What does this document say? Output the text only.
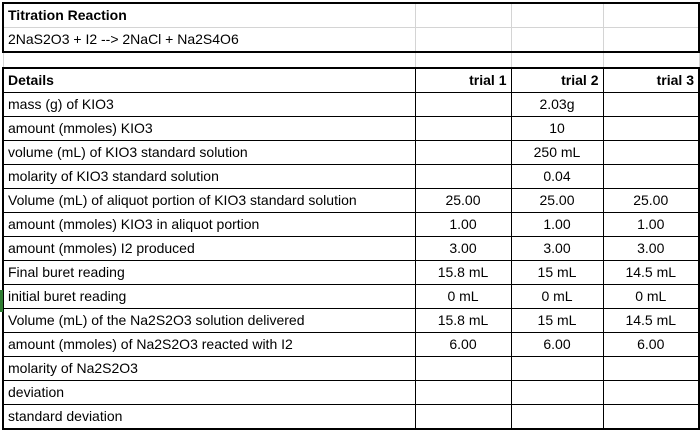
Titration Reaction			
2NaS2O3 + I2 --> 2NaCl + Na2S4O6			

Details	trial 1	trial 2	trial 3
mass (g) of KIO3		2.03g	
amount (mmoles) KIO3		10	
volume (mL) of KIO3 standard solution		250 mL	
molarity of KIO3 standard solution		0.04	
Volume (mL) of aliquot portion of KIO3 standard solution	25.00	25.00	25.00
amount (mmoles) KIO3 in aliquot portion	1.00	1.00	1.00
amount (mmoles) I2 produced	3.00	3.00	3.00
Final buret reading	15.8 mL	15 mL	14.5 mL
initial buret reading	0 mL	0 mL	0 mL
Volume (mL) of the Na2S2O3 solution delivered	15.8 mL	15 mL	14.5 mL
amount (mmoles) of Na2S2O3 reacted with I2	6.00	6.00	6.00
molarity of Na2S2O3			
deviation			
standard deviation			
